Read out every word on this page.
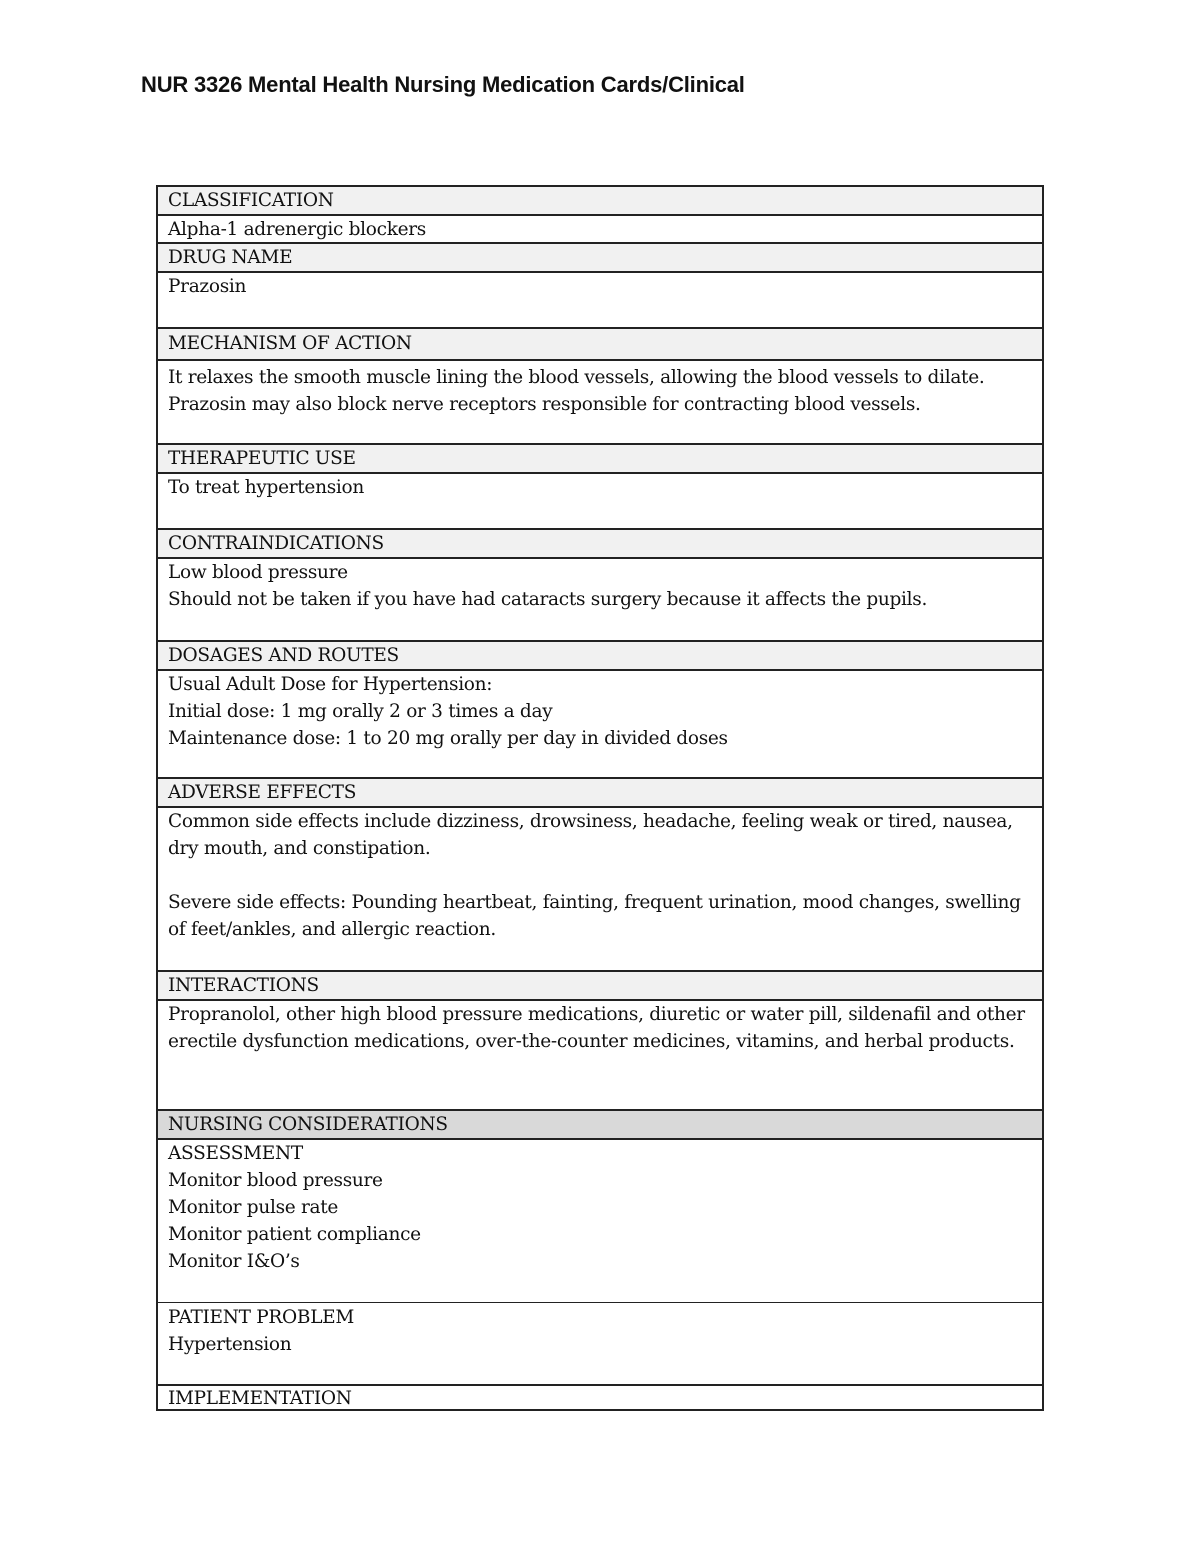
NUR 3326 Mental Health Nursing Medication Cards/Clinical
CLASSIFICATION
Alpha-1 adrenergic blockers
DRUG NAME
Prazosin
MECHANISM OF ACTION
It relaxes the smooth muscle lining the blood vessels, allowing the blood vessels to dilate.
Prazosin may also block nerve receptors responsible for contracting blood vessels.
THERAPEUTIC USE
To treat hypertension
CONTRAINDICATIONS
Low blood pressure
Should not be taken if you have had cataracts surgery because it affects the pupils.
DOSAGES AND ROUTES
Usual Adult Dose for Hypertension:
Initial dose: 1 mg orally 2 or 3 times a day
Maintenance dose: 1 to 20 mg orally per day in divided doses
ADVERSE EFFECTS
Common side effects include dizziness, drowsiness, headache, feeling weak or tired, nausea, dry mouth, and constipation.
Severe side effects: Pounding heartbeat, fainting, frequent urination, mood changes, swelling of feet/ankles, and allergic reaction.
INTERACTIONS
Propranolol, other high blood pressure medications, diuretic or water pill, sildenafil and other erectile dysfunction medications, over-the-counter medicines, vitamins, and herbal products.
NURSING CONSIDERATIONS
ASSESSMENT
Monitor blood pressure
Monitor pulse rate
Monitor patient compliance
Monitor I&O’s
PATIENT PROBLEM
Hypertension
IMPLEMENTATION
